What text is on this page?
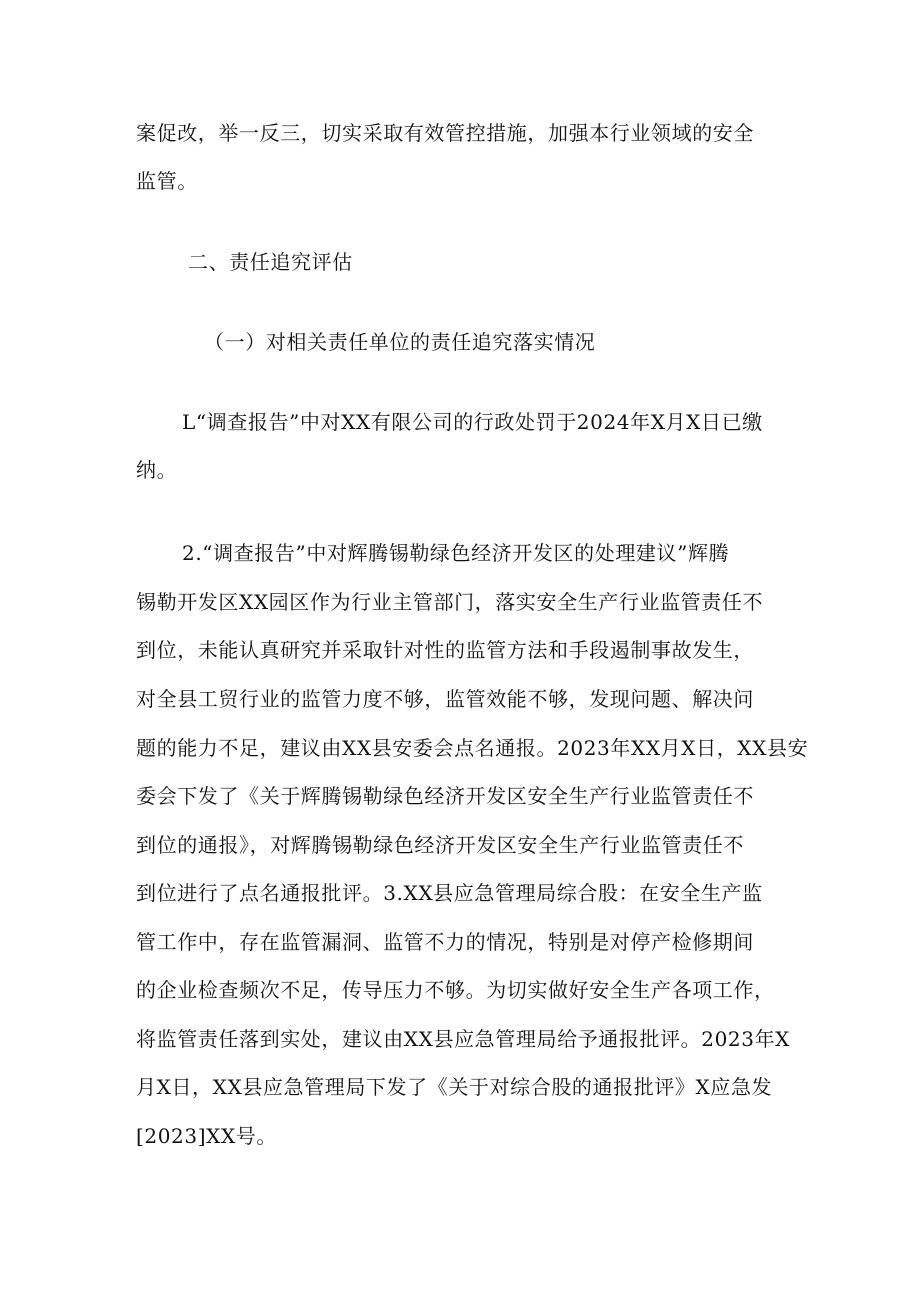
案促改，举一反三，切实采取有效管控措施，加强本行业领域的安全
监管。
二、责任追究评估
（一）对相关责任单位的责任追究落实情况
L“调查报告”中对XX有限公司的行政处罚于2024年X月X日已缴
纳。
2.“调查报告”中对辉腾锡勒绿色经济开发区的处理建议”辉腾
锡勒开发区XX园区作为行业主管部门，落实安全生产行业监管责任不
到位，未能认真研究并采取针对性的监管方法和手段遏制事故发生，
对全县工贸行业的监管力度不够，监管效能不够，发现问题、解决问
题的能力不足，建议由XX县安委会点名通报。2023年XX月X日，XX县安
委会下发了《关于辉腾锡勒绿色经济开发区安全生产行业监管责任不
到位的通报》，对辉腾锡勒绿色经济开发区安全生产行业监管责任不
到位进行了点名通报批评。3.XX县应急管理局综合股：在安全生产监
管工作中，存在监管漏洞、监管不力的情况，特别是对停产检修期间
的企业检查频次不足，传导压力不够。为切实做好安全生产各项工作，
将监管责任落到实处，建议由XX县应急管理局给予通报批评。2023年X
月X日，XX县应急管理局下发了《关于对综合股的通报批评》X应急发
[2023]XX号。
